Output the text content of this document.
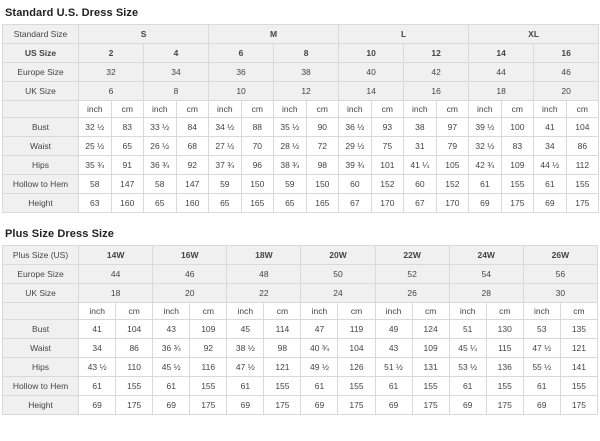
Standard U.S. Dress Size
Standard Size	S				M				L				XL			
US Size	2		4		6		8		10		12		14		16	
Europe Size	32		34		36		38		40		42		44		46	
UK Size	6		8		10		12		14		16		18		20	
	inch	cm	inch	cm	inch	cm	inch	cm	inch	cm	inch	cm	inch	cm	inch	cm
Bust	32 ½	83	33 ½	84	34 ½	88	35 ½	90	36 ½	93	38	97	39 ½	100	41	104
Waist	25 ½	65	26 ½	68	27 ½	70	28 ½	72	29 ½	75	31	79	32 ½	83	34	86
Hips	35 ¾	91	36 ¾	92	37 ¾	96	38 ¾	98	39 ¾	101	41 ¼	105	42 ¾	109	44 ½	112
Hollow to Hem	58	147	58	147	59	150	59	150	60	152	60	152	61	155	61	155
Height	63	160	65	160	65	165	65	165	67	170	67	170	69	175	69	175
Plus Size Dress Size
Plus Size (US)	14W		16W		18W		20W		22W		24W		26W	
Europe Size	44		46		48		50		52		54		56	
UK Size	18		20		22		24		26		28		30	
	inch	cm	inch	cm	inch	cm	inch	cm	inch	cm	inch	cm	inch	cm
Bust	41	104	43	109	45	114	47	119	49	124	51	130	53	135
Waist	34	86	36 ¾	92	38 ½	98	40 ¾	104	43	109	45 ¼	115	47 ½	121
Hips	43 ½	110	45 ½	116	47 ½	121	49 ½	126	51 ½	131	53 ½	136	55 ½	141
Hollow to Hem	61	155	61	155	61	155	61	155	61	155	61	155	61	155
Height	69	175	69	175	69	175	69	175	69	175	69	175	69	175
